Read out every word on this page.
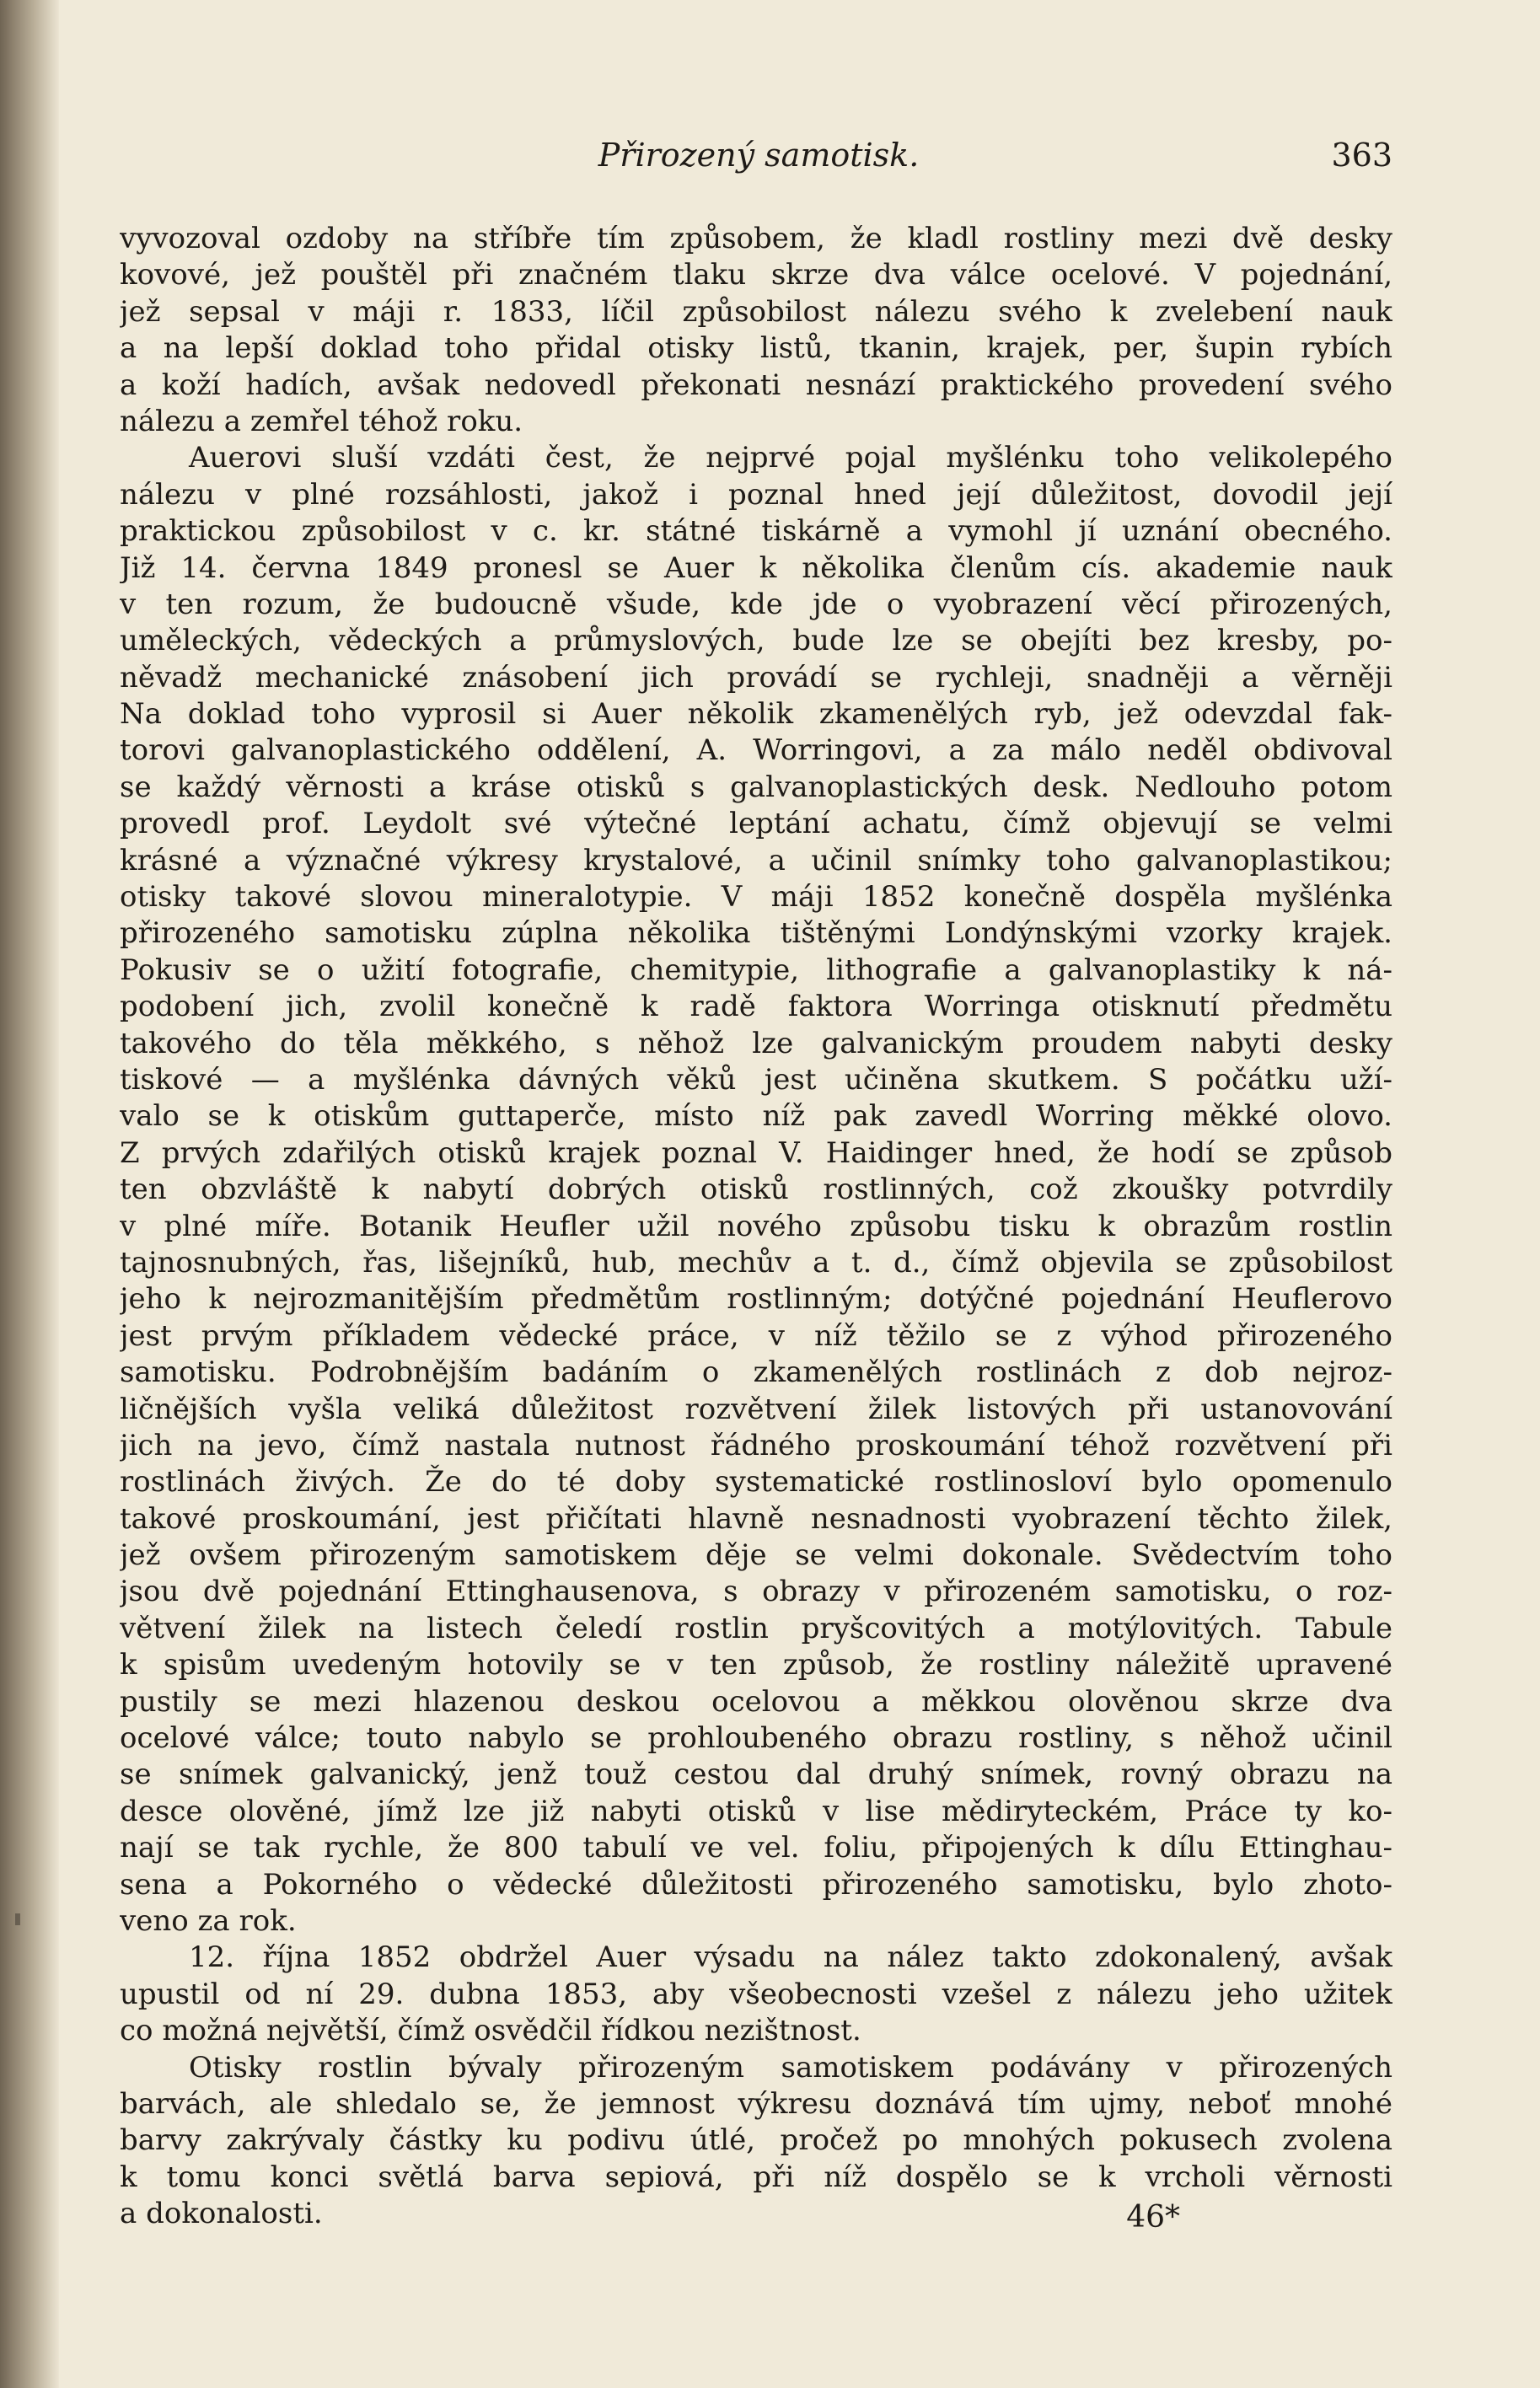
Přirozený samotisk.	363
vyvozoval ozdoby na stříbře tím způsobem, že kladl rostliny mezi dvě desky
kovové, jež pouštěl při značném tlaku skrze dva válce ocelové. V pojednání,
jež sepsal v máji r. 1833, líčil způsobilost nálezu svého k zvelebení nauk
a na lepší doklad toho přidal otisky listů, tkanin, krajek, per, šupin rybích
a koží hadích, avšak nedovedl překonati nesnází praktického provedení svého
nálezu a zemřel téhož roku.
Auerovi sluší vzdáti čest, že nejprvé pojal myšlénku toho velikolepého
nálezu v plné rozsáhlosti, jakož i poznal hned její důležitost, dovodil její
praktickou způsobilost v c. kr. státné tiskárně a vymohl jí uznání obecného.
Již 14. června 1849 pronesl se Auer k několika členům cís. akademie nauk
v ten rozum, že budoucně všude, kde jde o vyobrazení věcí přirozených,
uměleckých, vědeckých a průmyslových, bude lze se obejíti bez kresby, po-
něvadž mechanické znásobení jich provádí se rychleji, snadněji a věrněji
Na doklad toho vyprosil si Auer několik zkamenělých ryb, jež odevzdal fak-
torovi galvanoplastického oddělení, A. Worringovi, a za málo neděl obdivoval
se každý věrnosti a kráse otisků s galvanoplastických desk. Nedlouho potom
provedl prof. Leydolt své výtečné leptání achatu, čímž objevují se velmi
krásné a význačné výkresy krystalové, a učinil snímky toho galvanoplastikou;
otisky takové slovou mineralotypie. V máji 1852 konečně dospěla myšlénka
přirozeného samotisku zúplna několika tištěnými Londýnskými vzorky krajek.
Pokusiv se o užití fotografie, chemitypie, lithografie a galvanoplastiky k ná-
podobení jich, zvolil konečně k radě faktora Worringa otisknutí předmětu
takového do těla měkkého, s něhož lze galvanickým proudem nabyti desky
tiskové — a myšlénka dávných věků jest učiněna skutkem. S počátku uží-
valo se k otiskům guttaperče, místo níž pak zavedl Worring měkké olovo.
Z prvých zdařilých otisků krajek poznal V. Haidinger hned, že hodí se způsob
ten obzvláště k nabytí dobrých otisků rostlinných, což zkoušky potvrdily
v plné míře. Botanik Heufler užil nového způsobu tisku k obrazům rostlin
tajnosnubných, řas, lišejníků, hub, mechův a t. d., čímž objevila se způsobilost
jeho k nejrozmanitějším předmětům rostlinným; dotýčné pojednání Heuflerovo
jest prvým příkladem vědecké práce, v níž těžilo se z výhod přirozeného
samotisku. Podrobnějším badáním o zkamenělých rostlinách z dob nejroz-
ličnějších vyšla veliká důležitost rozvětvení žilek listových při ustanovování
jich na jevo, čímž nastala nutnost řádného proskoumání téhož rozvětvení při
rostlinách živých. Že do té doby systematické rostlinosloví bylo opomenulo
takové proskoumání, jest přičítati hlavně nesnadnosti vyobrazení těchto žilek,
jež ovšem přirozeným samotiskem děje se velmi dokonale. Svědectvím toho
jsou dvě pojednání Ettinghausenova, s obrazy v přirozeném samotisku, o roz-
větvení žilek na listech čeledí rostlin pryšcovitých a motýlovitých. Tabule
k spisům uvedeným hotovily se v ten způsob, že rostliny náležitě upravené
pustily se mezi hlazenou deskou ocelovou a měkkou olověnou skrze dva
ocelové válce; touto nabylo se prohloubeného obrazu rostliny, s něhož učinil
se snímek galvanický, jenž touž cestou dal druhý snímek, rovný obrazu na
desce olověné, jímž lze již nabyti otisků v lise mědiryteckém, Práce ty ko-
nají se tak rychle, že 800 tabulí ve vel. foliu, připojených k dílu Ettinghau-
sena a Pokorného o vědecké důležitosti přirozeného samotisku, bylo zhoto-
veno za rok.
12. října 1852 obdržel Auer výsadu na nález takto zdokonalený, avšak
upustil od ní 29. dubna 1853, aby všeobecnosti vzešel z nálezu jeho užitek
co možná největší, čímž osvědčil řídkou nezištnost.
Otisky rostlin bývaly přirozeným samotiskem podávány v přirozených
barvách, ale shledalo se, že jemnost výkresu doznává tím ujmy, neboť mnohé
barvy zakrývaly částky ku podivu útlé, pročež po mnohých pokusech zvolena
k tomu konci světlá barva sepiová, při níž dospělo se k vrcholi věrnosti
a dokonalosti.	46*
